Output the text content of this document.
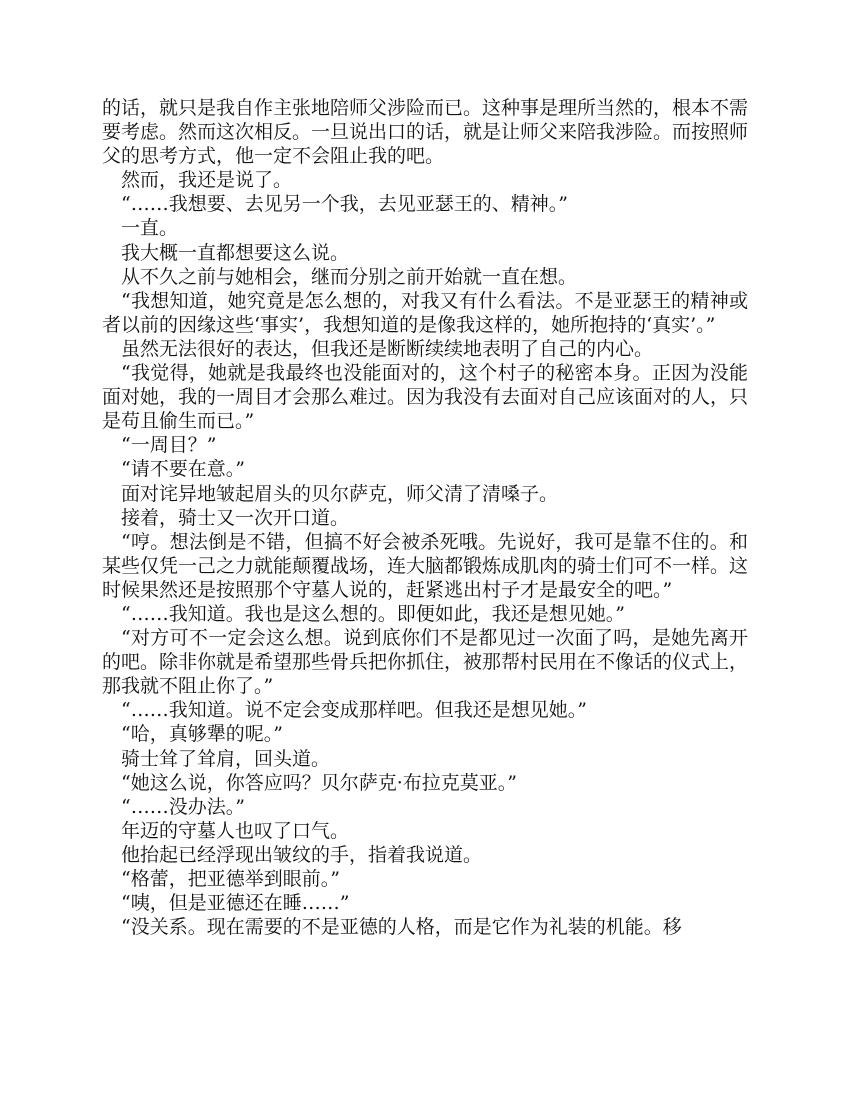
的话，就只是我自作主张地陪师父涉险而已。这种事是理所当然的，根本不需要考虑。然而这次相反。一旦说出口的话，就是让师父来陪我涉险。而按照师父的思考方式，他一定不会阻止我的吧。

然而，我还是说了。

“……我想要、去见另一个我，去见亚瑟王的、精神。”

一直。

我大概一直都想要这么说。

从不久之前与她相会，继而分别之前开始就一直在想。

“我想知道，她究竟是怎么想的，对我又有什么看法。不是亚瑟王的精神或者以前的因缘这些‘事实’，我想知道的是像我这样的，她所抱持的‘真实’。”

虽然无法很好的表达，但我还是断断续续地表明了自己的内心。

“我觉得，她就是我最终也没能面对的，这个村子的秘密本身。正因为没能面对她，我的一周目才会那么难过。因为我没有去面对自己应该面对的人，只是苟且偷生而已。”

“一周目？”

“请不要在意。”

面对诧异地皱起眉头的贝尔萨克，师父清了清嗓子。

接着，骑士又一次开口道。

“哼。想法倒是不错，但搞不好会被杀死哦。先说好，我可是靠不住的。和某些仅凭一己之力就能颠覆战场，连大脑都锻炼成肌肉的骑士们可不一样。这时候果然还是按照那个守墓人说的，赶紧逃出村子才是最安全的吧。”

“……我知道。我也是这么想的。即便如此，我还是想见她。”

“对方可不一定会这么想。说到底你们不是都见过一次面了吗，是她先离开的吧。除非你就是希望那些骨兵把你抓住，被那帮村民用在不像话的仪式上，那我就不阻止你了。”

“……我知道。说不定会变成那样吧。但我还是想见她。”

“哈，真够犟的呢。”

骑士耸了耸肩，回头道。

“她这么说，你答应吗？贝尔萨克·布拉克莫亚。”

“……没办法。”

年迈的守墓人也叹了口气。

他抬起已经浮现出皱纹的手，指着我说道。

“格蕾，把亚德举到眼前。”

“咦，但是亚德还在睡……”

“没关系。现在需要的不是亚德的人格，而是它作为礼装的机能。移
